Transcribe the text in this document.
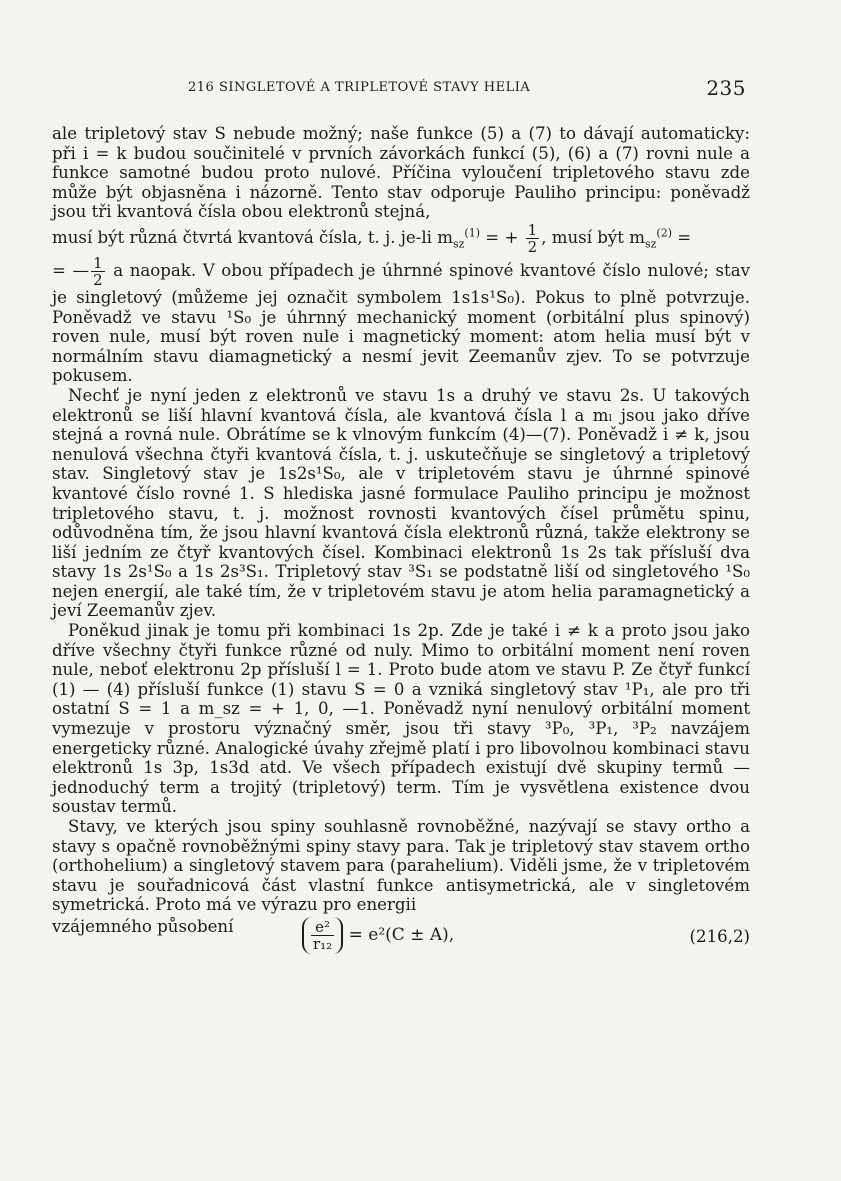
216 SINGLETOVÉ A TRIPLETOVÉ STAVY HELIA	235

ale tripletový stav S nebude možný; naše funkce (5) a (7) to dávají automaticky: při i = k budou součinitelé v prvních závorkách funkcí (5), (6) a (7) rovni nule a funkce samotné budou proto nulové. Příčina vyloučení tripletového stavu zde může být objasněna i názorně. Tento stav odporuje Pauliho principu: poněvadž jsou tři kvantová čísla obou elektronů stejná,
musí být různá čtvrtá kvantová čísla, t. j. je-li $m_{sz}^{(1)}$ = + $\frac{1}{2}$ , musí být $m_{sz}^{(2)}$ =
= — $\frac{1}{2}$ a naopak. V obou případech je úhrnné spinové kvantové číslo nulové; stav je singletový (můžeme jej označit symbolem 1s1s¹S₀). Pokus to plně potvrzuje. Poněvadž ve stavu ¹S₀ je úhrnný mechanický moment (orbitální plus spinový) roven nule, musí být roven nule i magnetický moment: atom helia musí být v normálním stavu diamagnetický a nesmí jevit Zeemanův zjev. To se potvrzuje pokusem.

Nechť je nyní jeden z elektronů ve stavu 1s a druhý ve stavu 2s. U takových elektronů se liší hlavní kvantová čísla, ale kvantová čísla l a mₗ jsou jako dříve stejná a rovná nule. Obrátíme se k vlnovým funkcím (4)—(7). Poněvadž i ≠ k, jsou nenulová všechna čtyři kvantová čísla, t. j. uskutečňuje se singletový a tripletový stav. Singletový stav je 1s2s¹S₀, ale v tripletovém stavu je úhrnné spinové kvantové číslo rovné 1. S hlediska jasné formulace Pauliho principu je možnost tripletového stavu, t. j. možnost rovnosti kvantových čísel průmětu spinu, odůvodněna tím, že jsou hlavní kvantová čísla elektronů různá, takže elektrony se liší jedním ze čtyř kvantových čísel. Kombinaci elektronů 1s 2s tak přísluší dva stavy 1s 2s¹S₀ a 1s 2s³S₁. Tripletový stav ³S₁ se podstatně liší od singletového ¹S₀ nejen energií, ale také tím, že v tripletovém stavu je atom helia paramagnetický a jeví Zeemanův zjev.

Poněkud jinak je tomu při kombinaci 1s 2p. Zde je také i ≠ k a proto jsou jako dříve všechny čtyři funkce různé od nuly. Mimo to orbitální moment není roven nule, neboť elektronu 2p přísluší l = 1. Proto bude atom ve stavu P. Ze čtyř funkcí (1) — (4) přísluší funkce (1) stavu S = 0 a vzniká singletový stav ¹P₁, ale pro tři ostatní S = 1 a m_sz = + 1, 0, —1. Poněvadž nyní nenulový orbitální moment vymezuje v prostoru význačný směr, jsou tři stavy ³P₀, ³P₁, ³P₂ navzájem energeticky různé. Analogické úvahy zřejmě platí i pro libovolnou kombinaci stavu elektronů 1s 3p, 1s3d atd. Ve všech případech existují dvě skupiny termů — jednoduchý term a trojitý (tripletový) term. Tím je vysvětlena existence dvou soustav termů.

Stavy, ve kterých jsou spiny souhlasně rovnoběžné, nazývají se stavy ortho a stavy s opačně rovnoběžnými spiny stavy para. Tak je tripletový stav stavem ortho (orthohelium) a singletový stavem para (parahelium). Viděli jsme, že v tripletovém stavu je souřadnicová část vlastní funkce antisymetrická, ale v singletovém symetrická. Proto má ve výrazu pro energii

vzájemného působení	$\frac{\text{e²}}{\text{r₁₂}} = e^2(C \pm A)$,	(216,2)
